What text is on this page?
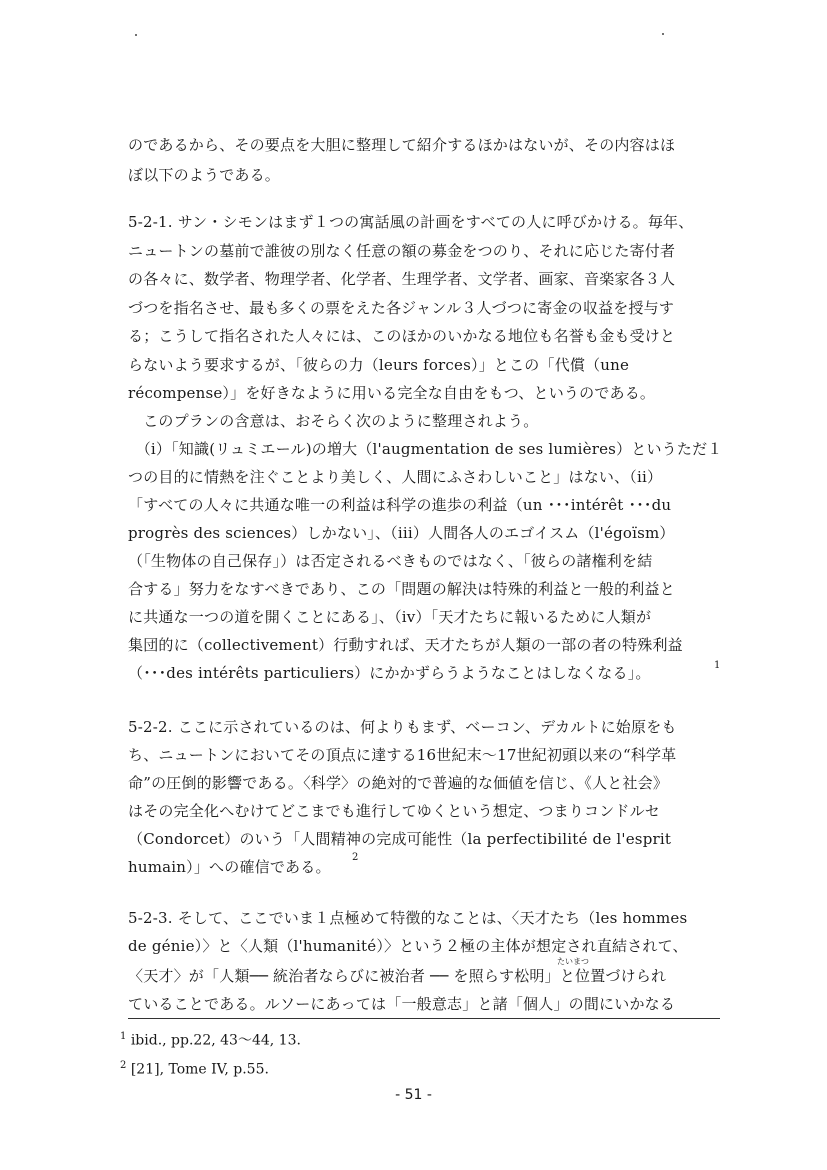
のであるから、その要点を大胆に整理して紹介するほかはないが、その内容はほ
ぼ以下のようである。
5-2-1. サン・シモンはまず１つの寓話風の計画をすべての人に呼びかける。毎年、
ニュートンの墓前で誰彼の別なく任意の額の募金をつのり、それに応じた寄付者
の各々に、数学者、物理学者、化学者、生理学者、文学者、画家、音楽家各３人
づつを指名させ、最も多くの票をえた各ジャンル３人づつに寄金の収益を授与す
る；こうして指名された人々には、このほかのいかなる地位も名誉も金も受けと
らないよう要求するが、「彼らの力（leurs forces）」とこの「代償（une
récompense）」を好きなように用いる完全な自由をもつ、というのである。
　このプランの含意は、おそらく次のように整理されよう。
　（i）「知識(リュミエール)の増大（l'augmentation de ses lumières）というただ１
つの目的に情熱を注ぐことより美しく、人間にふさわしいこと」はない、（ii）
「すべての人々に共通な唯一の利益は科学の進歩の利益（un ･･･intérêt ･･･du
progrès des sciences）しかない」、（iii）人間各人のエゴイスム（l'égoïsm）
（「生物体の自己保存」）は否定されるべきものではなく、「彼らの諸権利を結
合する」努力をなすべきであり、この「問題の解決は特殊的利益と一般的利益と
に共通な一つの道を開くことにある」、（iv）「天才たちに報いるために人類が
集団的に（collectivement）行動すれば、天才たちが人類の一部の者の特殊利益
（･･･des intérêts particuliers）にかかずらうようなことはしなくなる」。	1
5-2-2. ここに示されているのは、何よりもまず、ベーコン、デカルトに始原をも
ち、ニュートンにおいてその頂点に達する16世紀末～17世紀初頭以来の“科学革
命”の圧倒的影響である。〈科学〉の絶対的で普遍的な価値を信じ、《人と社会》
はその完全化へむけてどこまでも進行してゆくという想定、つまりコンドルセ
（Condorcet）のいう「人間精神の完成可能性（la perfectibilité de l'esprit
humain）」への確信である。
2
5-2-3. そして、ここでいま１点極めて特徴的なことは、〈天才たち（les hommes
de génie）〉と〈人類（l'humanité）〉という２極の主体が想定され直結されて、
たいまつ
〈天才〉が「人類── 統治者ならびに被治者 ── を照らす松明」と位置づけられ
ていることである。ルソーにあっては「一般意志」と諸「個人」の間にいかなる
$^1$ ibid., pp.22, 43～44, 13.
$^2$ [21], Tome IV, p.55.
- 51 -
